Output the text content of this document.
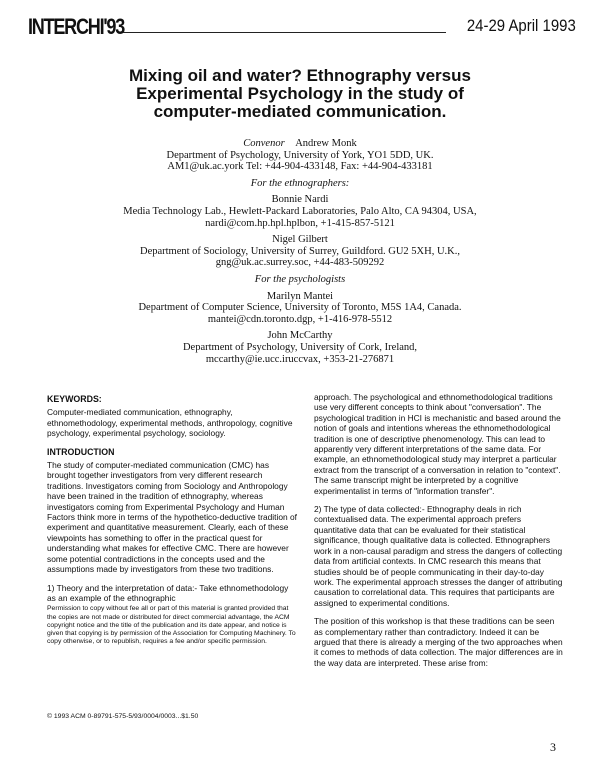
INTERCHI'93	24-29 April 1993
Mixing oil and water? Ethnography versus
Experimental Psychology in the study of
computer-mediated communication.
Convenor Andrew Monk
Department of Psychology, University of York, YO1 5DD, UK.
AM1@uk.ac.york Tel: +44-904-433148, Fax: +44-904-433181
For the ethnographers:
Bonnie Nardi
Media Technology Lab., Hewlett-Packard Laboratories, Palo Alto, CA 94304, USA,
nardi@com.hp.hpl.hplbon, +1-415-857-5121
Nigel Gilbert
Department of Sociology, University of Surrey, Guildford. GU2 5XH, U.K.,
gng@uk.ac.surrey.soc, +44-483-509292
For the psychologists
Marilyn Mantei
Department of Computer Science, University of Toronto, M5S 1A4, Canada.
mantei@cdn.toronto.dgp, +1-416-978-5512
John McCarthy
Department of Psychology, University of Cork, Ireland,
mccarthy@ie.ucc.iruccvax, +353-21-276871
KEYWORDS:

Computer-mediated communication, ethnography, ethnomethodology, experimental methods, anthropology, cognitive psychology, experimental psychology, sociology.

INTRODUCTION

The study of computer-mediated communication (CMC) has brought together investigators from very different research traditions. Investigators coming from Sociology and Anthropology have been trained in the tradition of ethnography, whereas investigators coming from Experimental Psychology and Human Factors think more in terms of the hypothetico-deductive tradition of experiment and quantitative measurement. Clearly, each of these viewpoints has something to offer in the practical quest for understanding what makes for effective CMC. There are however some potential contradictions in the concepts used and the assumptions made by investigators from these two traditions.

1) Theory and the interpretation of data:- Take ethnomethodology as an example of the ethnographic

Permission to copy without fee all or part of this material is granted provided that the copies are not made or distributed for direct commercial advantage, the ACM copyright notice and the title of the publication and its date appear, and notice is given that copying is by permission of the Association for Computing Machinery. To copy otherwise, or to republish, requires a fee and/or specific permission.

© 1993 ACM 0-89791-575-5/93/0004/0003...$1.50

approach. The psychological and ethnomethodological traditions use very different concepts to think about "conversation". The psychological tradition in HCI is mechanistic and based around the notion of goals and intentions whereas the ethnomethodological tradition is one of descriptive phenomenology. This can lead to apparently very different interpretations of the same data. For example, an ethnomethodological study may interpret a particular extract from the transcript of a conversation in relation to "context". The same transcript might be interpreted by a cognitive experimentalist in terms of "information transfer".

2) The type of data collected:- Ethnography deals in rich contextualised data. The experimental approach prefers quantitative data that can be evaluated for their statistical significance, though qualitative data is collected. Ethnographers work in a non-causal paradigm and stress the dangers of collecting data from artificial contexts. In CMC research this means that studies should be of people communicating in their day-to-day work. The experimental approach stresses the danger of attributing causation to correlational data. This requires that participants are assigned to experimental conditions.

The position of this workshop is that these traditions can be seen as complementary rather than contradictory. Indeed it can be argued that there is already a merging of the two approaches when it comes to methods of data collection. The major differences are in the way data are interpreted. These arise from:

3
